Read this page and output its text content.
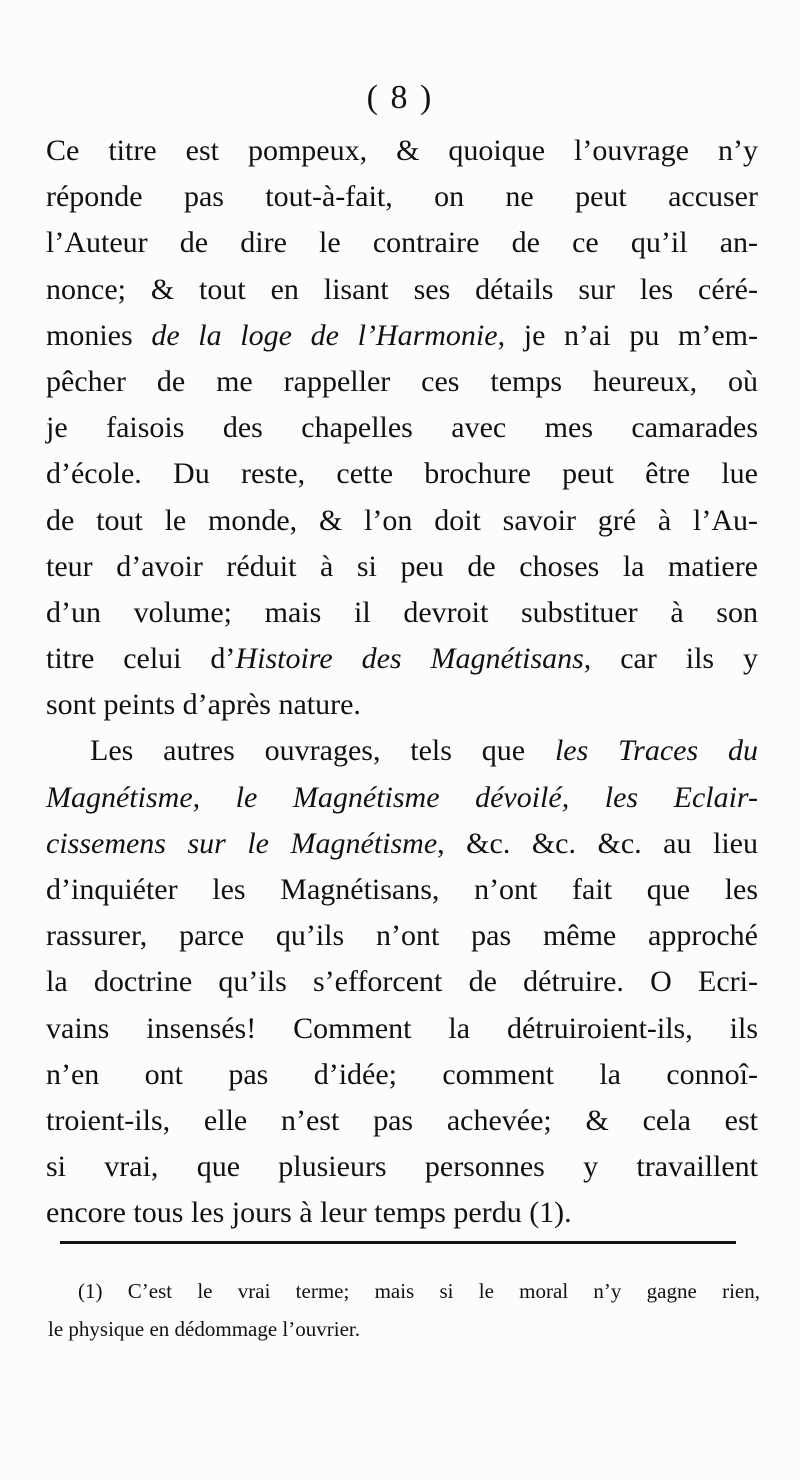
( 8 )
Ce titre est pompeux, & quoique l’ouvrage n’y
réponde pas tout-à-fait, on ne peut accuser
l’Auteur de dire le contraire de ce qu’il an-
nonce; & tout en lisant ses détails sur les céré-
monies de la loge de l’Harmonie, je n’ai pu m’em-
pêcher de me rappeller ces temps heureux, où
je faisois des chapelles avec mes camarades
d’école. Du reste, cette brochure peut être lue
de tout le monde, & l’on doit savoir gré à l’Au-
teur d’avoir réduit à si peu de choses la matiere
d’un volume; mais il devroit substituer à son
titre celui d’Histoire des Magnétisans, car ils y
sont peints d’après nature.
Les autres ouvrages, tels que les Traces du
Magnétisme, le Magnétisme dévoilé, les Eclair-
cissemens sur le Magnétisme, &c. &c. &c. au lieu
d’inquiéter les Magnétisans, n’ont fait que les
rassurer, parce qu’ils n’ont pas même approché
la doctrine qu’ils s’efforcent de détruire. O Ecri-
vains insensés! Comment la détruiroient-ils, ils
n’en ont pas d’idée; comment la connoî-
troient-ils, elle n’est pas achevée; & cela est
si vrai, que plusieurs personnes y travaillent
encore tous les jours à leur temps perdu (1).
(1) C’est le vrai terme; mais si le moral n’y gagne rien,
le physique en dédommage l’ouvrier.
